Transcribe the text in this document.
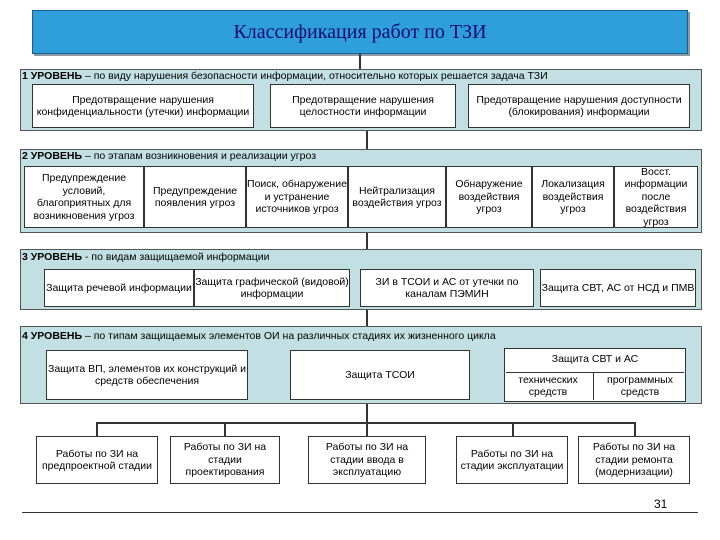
Классификация работ по ТЗИ
1 УРОВЕНЬ – по виду нарушения безопасности информации, относительно которых решается задача ТЗИ
Предотвращение нарушения конфиденциальности (утечки) информации
Предотвращение нарушения целостности информации
Предотвращение нарушения доступности (блокирования) информации
2 УРОВЕНЬ – по этапам возникновения и реализации угроз
Предупреждение условий, благоприятных для возникновения угроз
Предупреждение появления угроз
Поиск, обнаружение и устранение источников угроз
Нейтрализация воздействия угроз
Обнаружение воздействия угроз
Локализация воздействия угроз
Восст. информации после воздействия угроз
3 УРОВЕНЬ - по видам защищаемой информации
Защита речевой информации
Защита графической (видовой) информации
ЗИ в ТСОИ и АС от утечки по каналам ПЭМИН
Защита СВТ, АС от НСД и ПМВ
4 УРОВЕНЬ – по типам защищаемых элементов ОИ на различных стадиях их жизненного цикла
Защита ВП, элементов их конструкций и средств обеспечения
Защита ТСОИ
Защита СВТ и АС
технических средств
программных средств
Работы по ЗИ на предпроектной стадии
Работы по ЗИ на стадии проектирования
Работы по ЗИ на стадии ввода в эксплуатацию
Работы по ЗИ на стадии эксплуатации
Работы по ЗИ на стадии ремонта (модернизации)
31
